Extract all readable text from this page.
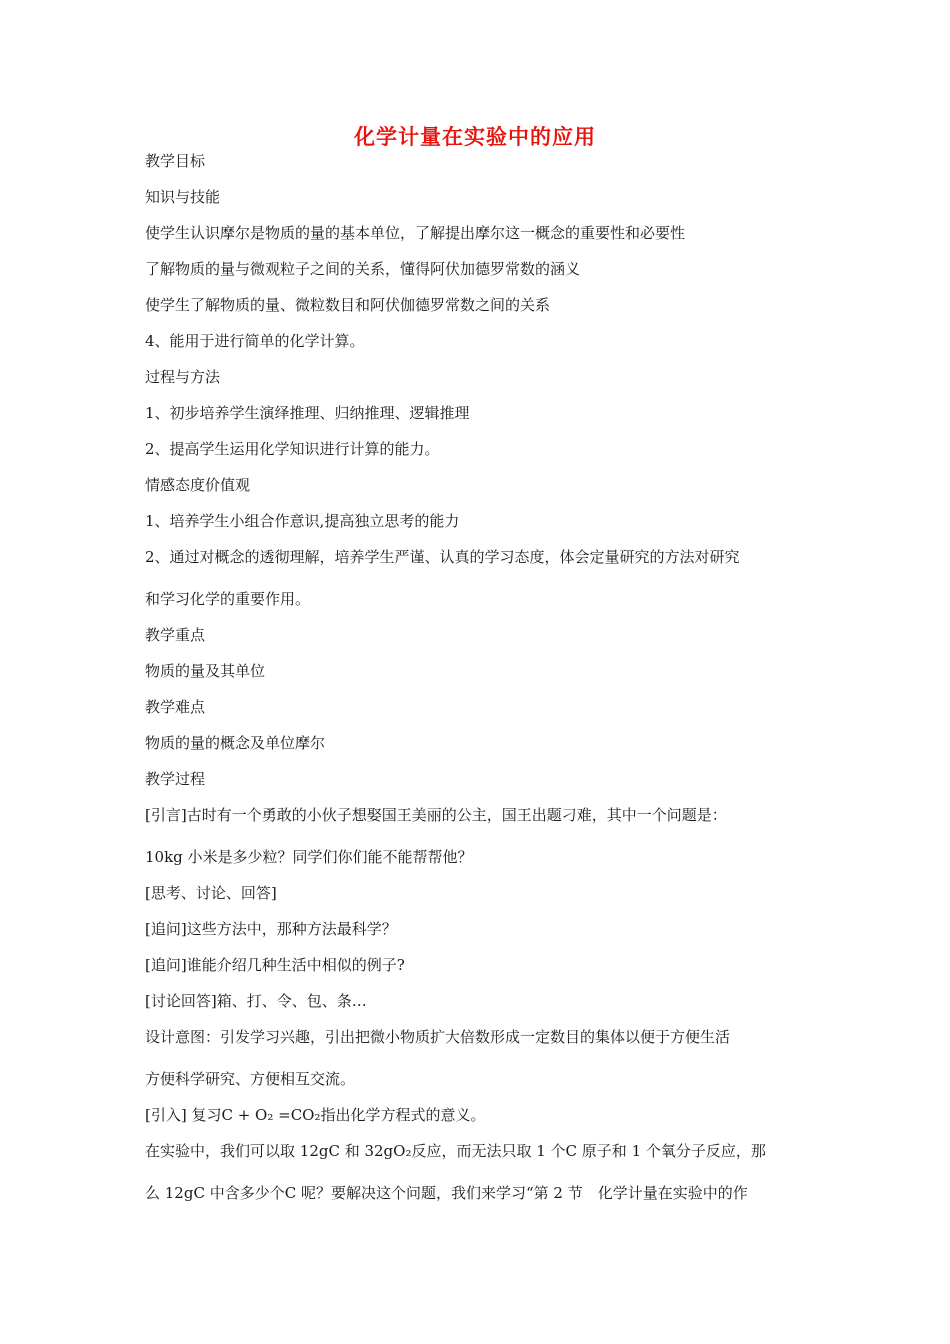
化学计量在实验中的应用

教学目标

知识与技能

使学生认识摩尔是物质的量的基本单位，了解提出摩尔这一概念的重要性和必要性

了解物质的量与微观粒子之间的关系，懂得阿伏加德罗常数的涵义

使学生了解物质的量、微粒数目和阿伏伽德罗常数之间的关系

4、能用于进行简单的化学计算。

过程与方法

1、初步培养学生演绎推理、归纳推理、逻辑推理

2、提高学生运用化学知识进行计算的能力。

情感态度价值观

1、培养学生小组合作意识,提高独立思考的能力

2、通过对概念的透彻理解，培养学生严谨、认真的学习态度，体会定量研究的方法对研究

和学习化学的重要作用。

教学重点

物质的量及其单位

教学难点

物质的量的概念及单位摩尔

教学过程

[引言]古时有一个勇敢的小伙子想娶国王美丽的公主，国王出题刁难，其中一个问题是：

10kg 小米是多少粒？同学们你们能不能帮帮他？

[思考、讨论、回答]

[追问]这些方法中，那种方法最科学？

[追问]谁能介绍几种生活中相似的例子?

[讨论回答]箱、打、令、包、条…

设计意图：引发学习兴趣，引出把微小物质扩大倍数形成一定数目的集体以便于方便生活

方便科学研究、方便相互交流。

[引入] 复习C + O₂ =CO₂指出化学方程式的意义。

在实验中，我们可以取 12gC 和 32gO₂反应，而无法只取 1 个C 原子和 1 个氧分子反应，那

么 12gC 中含多少个C 呢？要解决这个问题，我们来学习“第 2 节　化学计量在实验中的作
